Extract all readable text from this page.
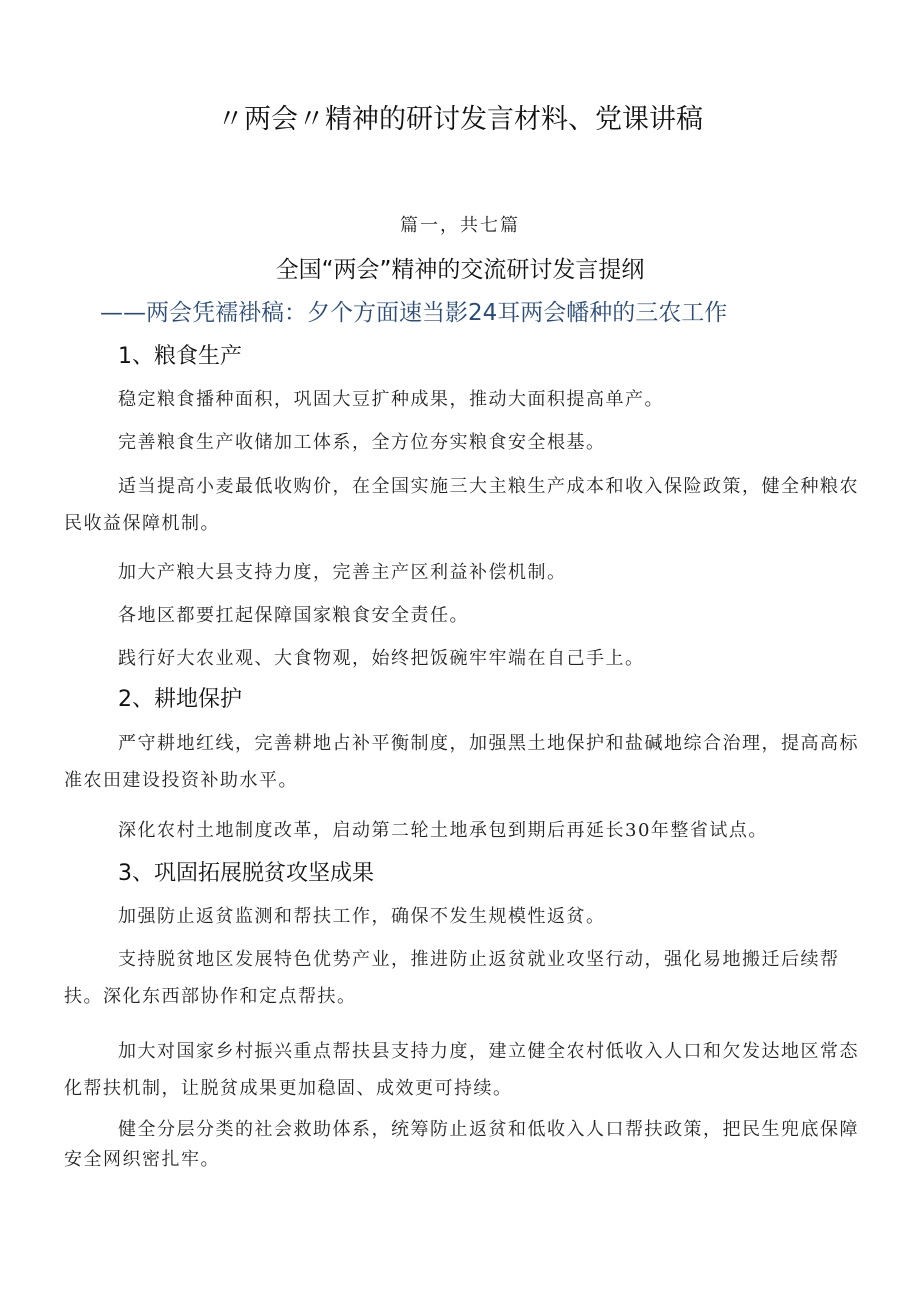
〃两会〃精神的研讨发言材料、党课讲稿
篇一，共七篇
全国“两会”精神的交流研讨发言提纲
——两会凭襦褂稿：夕个方面速当影24耳两会幡种的三农工作
1、粮食生产

稳定粮食播种面积，巩固大豆扩种成果，推动大面积提高单产。

完善粮食生产收储加工体系，全方位夯实粮食安全根基。

适当提高小麦最低收购价，在全国实施三大主粮生产成本和收入保险政策，健全种粮农民收益保障机制。

加大产粮大县支持力度，完善主产区利益补偿机制。

各地区都要扛起保障国家粮食安全责任。

践行好大农业观、大食物观，始终把饭碗牢牢端在自己手上。

2、耕地保护

严守耕地红线，完善耕地占补平衡制度，加强黑土地保护和盐碱地综合治理，提高高标准农田建设投资补助水平。

深化农村土地制度改革，启动第二轮土地承包到期后再延长30年整省试点。

3、巩固拓展脱贫攻坚成果

加强防止返贫监测和帮扶工作，确保不发生规模性返贫。

支持脱贫地区发展特色优势产业，推进防止返贫就业攻坚行动，强化易地搬迁后续帮扶。深化东西部协作和定点帮扶。

加大对国家乡村振兴重点帮扶县支持力度，建立健全农村低收入人口和欠发达地区常态化帮扶机制，让脱贫成果更加稳固、成效更可持续。

健全分层分类的社会救助体系，统筹防止返贫和低收入人口帮扶政策，把民生兜底保障安全网织密扎牢。
